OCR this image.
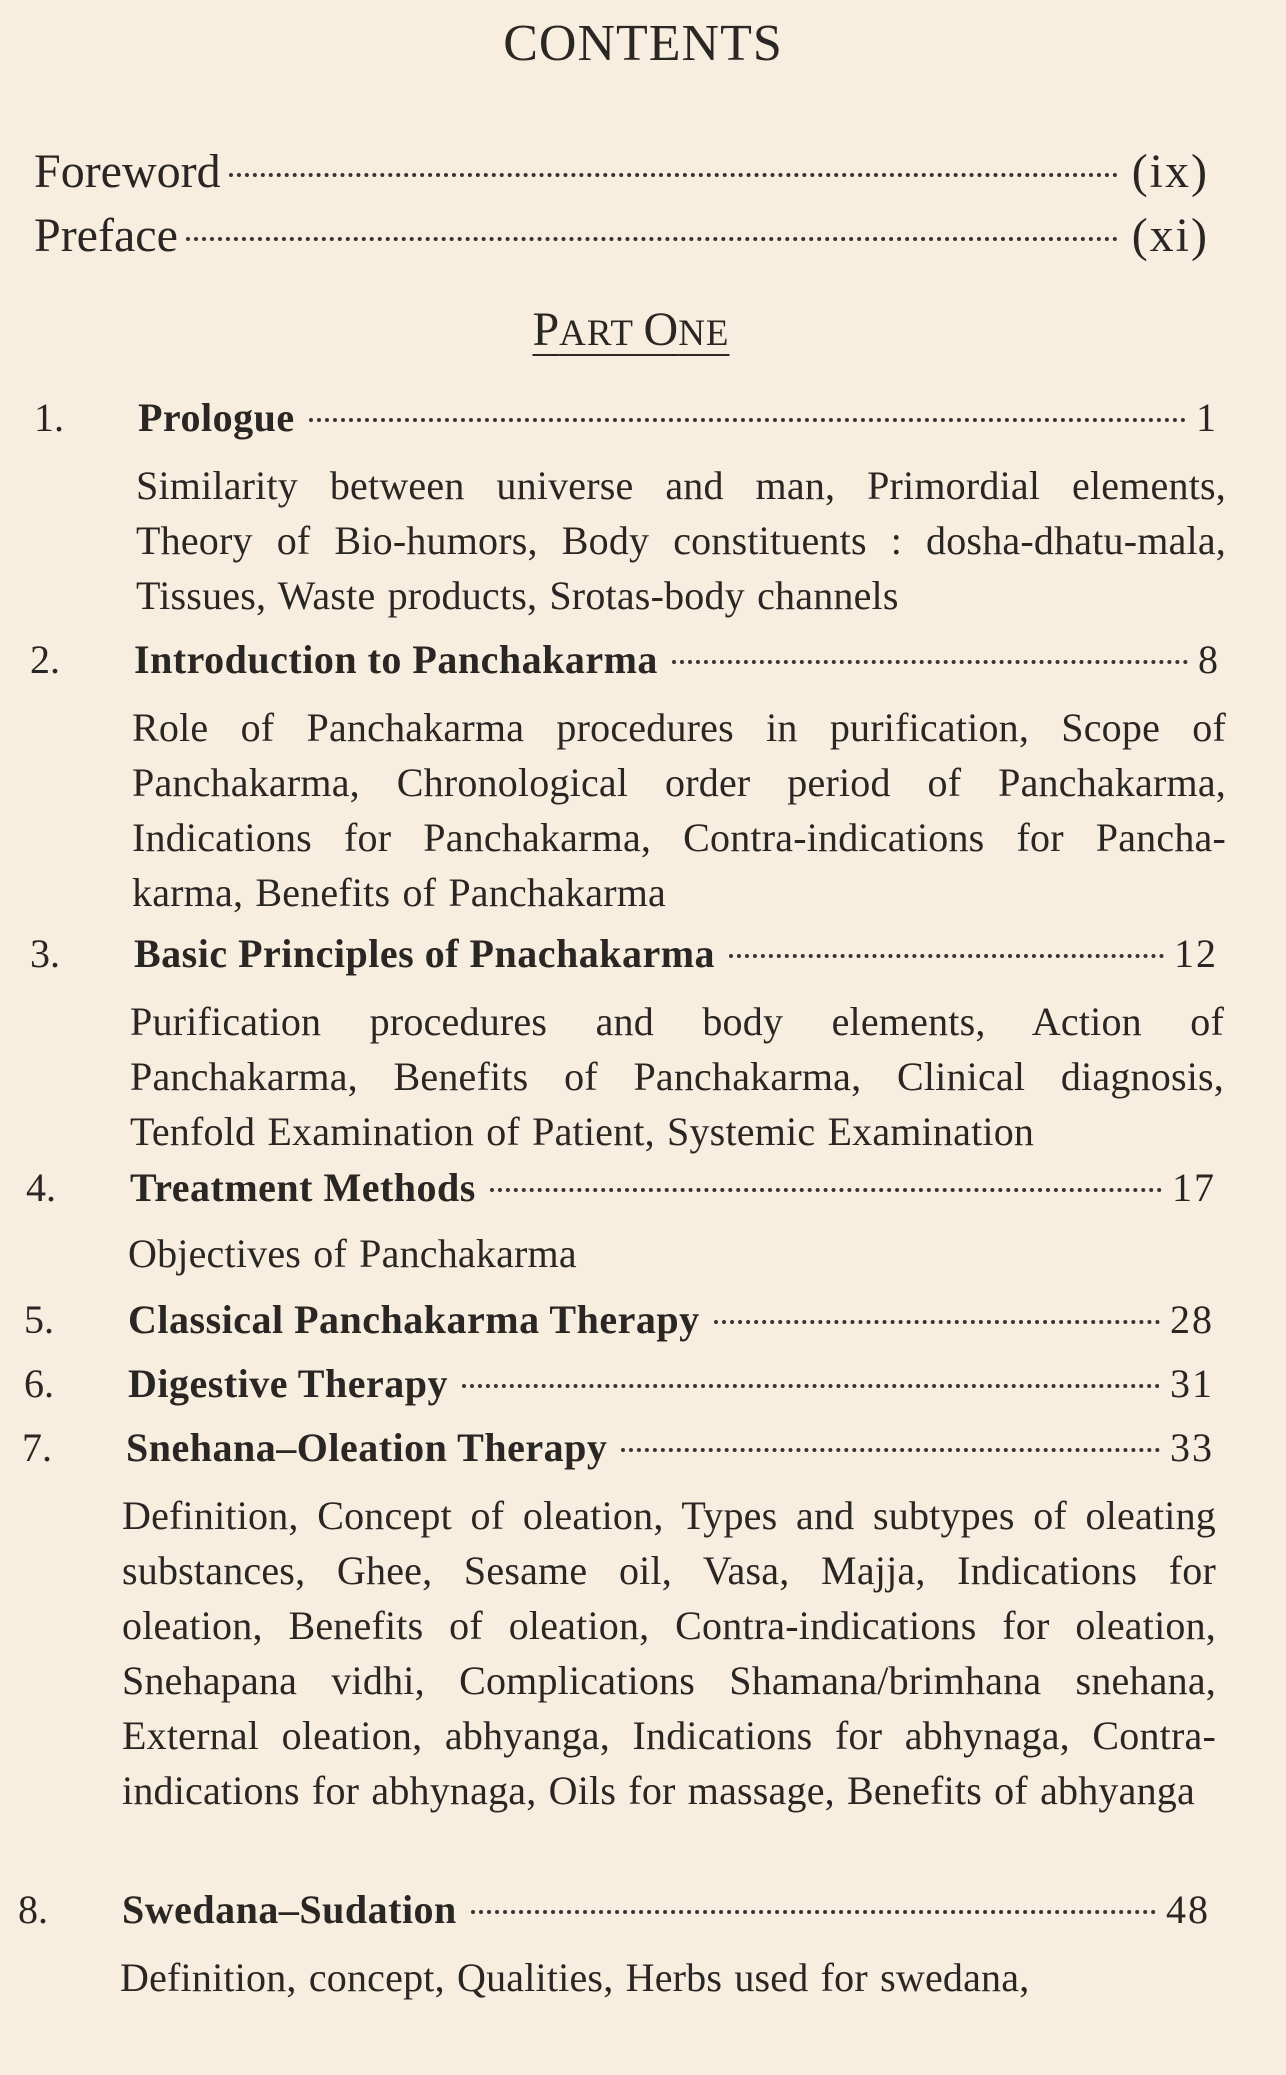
CONTENTS
Foreword	(ix)
Preface	(xi)
PART ONE
1. Prologue	1
Similarity between universe and man, Primordial elements, Theory of Bio-humors, Body constituents : dosha-dhatu-mala, Tissues, Waste products, Srotas-body channels
2. Introduction to Panchakarma	8
Role of Panchakarma procedures in purification, Scope of Panchakarma, Chronological order period of Panchakarma, Indications for Panchakarma, Contra-indications for Pancha-karma, Benefits of Panchakarma
3. Basic Principles of Pnachakarma	12
Purification procedures and body elements, Action of Panchakarma, Benefits of Panchakarma, Clinical diagnosis, Tenfold Examination of Patient, Systemic Examination
4. Treatment Methods	17
Objectives of Panchakarma
5. Classical Panchakarma Therapy	28
6. Digestive Therapy	31
7. Snehana–Oleation Therapy	33
Definition, Concept of oleation, Types and subtypes of oleating substances, Ghee, Sesame oil, Vasa, Majja, Indications for oleation, Benefits of oleation, Contra-indications for oleation, Snehapana vidhi, Complications Shamana/brimhana snehana, External oleation, abhyanga, Indications for abhynaga, Contra-indications for abhynaga, Oils for massage, Benefits of abhyanga
8. Swedana–Sudation	48
Definition, concept, Qualities, Herbs used for swedana,
